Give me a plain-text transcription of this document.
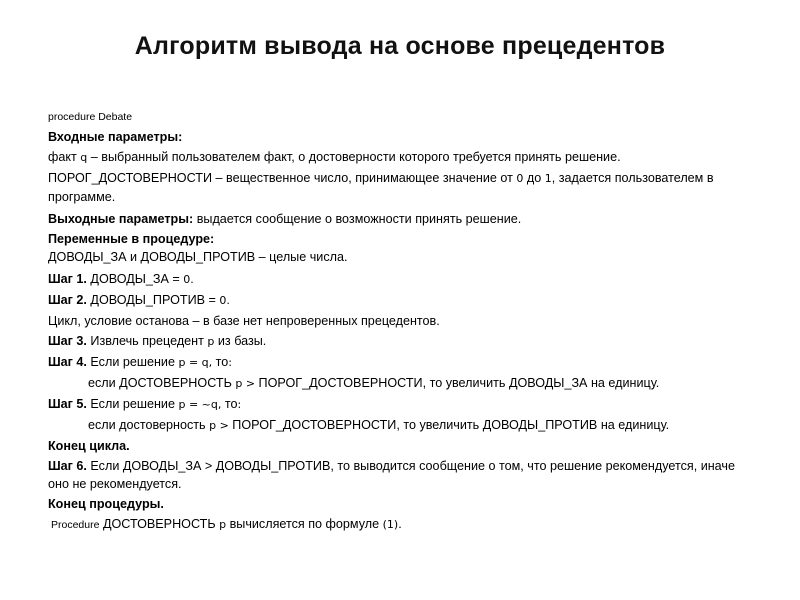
Алгоритм вывода на основе прецедентов
procedure Debate
Входные параметры:
факт q – выбранный пользователем факт, о достоверности которого требуется принять решение.
ПОРОГ_ДОСТОВЕРНОСТИ – вещественное число, принимающее значение от 0 до 1, задается пользователем в программе.
Выходные параметры: выдается сообщение о возможности принять решение.
Переменные в процедуре:
ДОВОДЫ_ЗА и ДОВОДЫ_ПРОТИВ – целые числа.
Шаг 1. ДОВОДЫ_ЗА = 0.
Шаг 2. ДОВОДЫ_ПРОТИВ = 0.
Цикл, условие останова – в базе нет непроверенных прецедентов.
Шаг 3. Извлечь прецедент p из базы.
Шаг 4. Если решение p = q, то:
если ДОСТОВЕРНОСТЬ p > ПОРОГ_ДОСТОВЕРНОСТИ, то увеличить ДОВОДЫ_ЗА на единицу.
Шаг 5. Если решение p = ~q, то:
если достоверность p > ПОРОГ_ДОСТОВЕРНОСТИ, то увеличить ДОВОДЫ_ПРОТИВ на единицу.
Конец цикла.
Шаг 6. Если ДОВОДЫ_ЗА > ДОВОДЫ_ПРОТИВ, то выводится сообщение о том, что решение рекомендуется, иначе оно не рекомендуется.
Конец процедуры.
Procedure ДОСТОВЕРНОСТЬ p вычисляется по формуле (1).
